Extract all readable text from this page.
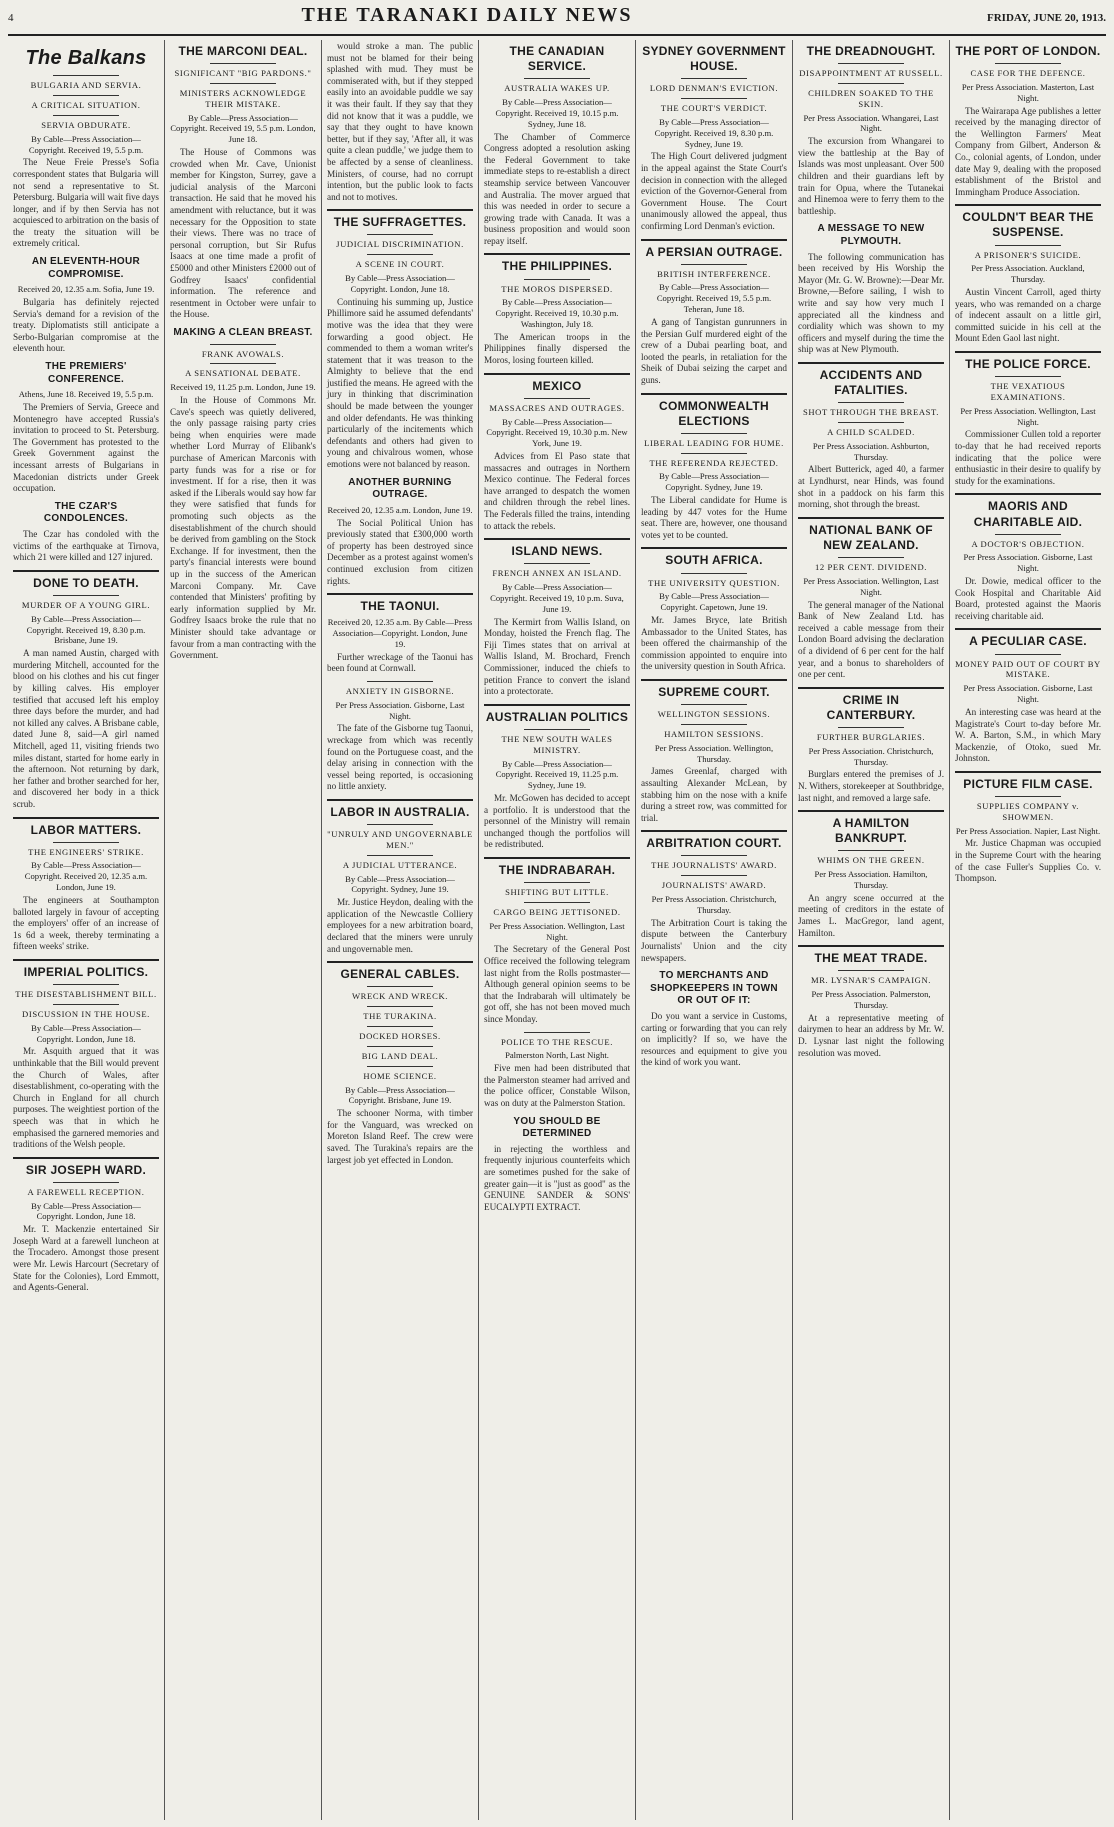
4	THE TARANAKI DAILY NEWS	FRIDAY, JUNE 20, 1913.
The Balkans
BULGARIA AND SERVIA.
A CRITICAL SITUATION.
SERVIA OBDURATE.
By Cable—Press Association—Copyright. Received 19, 5.5 p.m.

The Neue Freie Presse's Sofia correspondent states that Bulgaria will not send a representative to St. Petersburg. Bulgaria will wait five days longer, and if by then Servia has not acquiesced to arbitration on the basis of the treaty the situation will be extremely critical.

AN ELEVENTH-HOUR COMPROMISE.
Received 20, 12.35 a.m. Sofia, June 19.

Bulgaria has definitely rejected Servia's demand for a revision of the treaty. Diplomatists still anticipate a Serbo-Bulgarian compromise at the eleventh hour.

THE PREMIERS' CONFERENCE.
Athens, June 18. Received 19, 5.5 p.m.

The Premiers of Servia, Greece and Montenegro have accepted Russia's invitation to proceed to St. Petersburg. The Government has protested to the Greek Government against the incessant arrests of Bulgarians in Macedonian districts under Greek occupation.

THE CZAR'S CONDOLENCES.

The Czar has condoled with the victims of the earthquake at Tirnova, which 21 were killed and 127 injured.

DONE TO DEATH.
MURDER OF A YOUNG GIRL.
By Cable—Press Association—Copyright. Received 19, 8.30 p.m. Brisbane, June 19.

A man named Austin, charged with murdering Mitchell, accounted for the blood on his clothes and his cut finger by killing calves. His employer testified that accused left his employ three days before the murder, and had not killed any calves. A Brisbane cable, dated June 8, said—A girl named Mitchell, aged 11, visiting friends two miles distant, started for home early in the afternoon. Not returning by dark, her father and brother searched for her, and discovered her body in a thick scrub.

LABOR MATTERS.
THE ENGINEERS' STRIKE.
By Cable—Press Association—Copyright. Received 20, 12.35 a.m. London, June 19.

The engineers at Southampton balloted largely in favour of accepting the employers' offer of an increase of 1s 6d a week, thereby terminating a fifteen weeks' strike.

IMPERIAL POLITICS.
THE DISESTABLISHMENT BILL.
DISCUSSION IN THE HOUSE.
By Cable—Press Association—Copyright. London, June 18.

Mr. Asquith argued that it was unthinkable that the Bill would prevent the Church of Wales, after disestablishment, co-operating with the Church in England for all church purposes. The weightiest portion of the speech was that in which he emphasised the garnered memories and traditions of the Welsh people.

SIR JOSEPH WARD.
A FAREWELL RECEPTION.
By Cable—Press Association—Copyright. London, June 18.

Mr. T. Mackenzie entertained Sir Joseph Ward at a farewell luncheon at the Trocadero. Amongst those present were Mr. Lewis Harcourt (Secretary of State for the Colonies), Lord Emmott, and Agents-General.

THE MARCONI DEAL.
SIGNIFICANT "BIG PARDONS."
MINISTERS ACKNOWLEDGE THEIR MISTAKE.
By Cable—Press Association—Copyright. Received 19, 5.5 p.m. London, June 18.

The House of Commons was crowded when Mr. Cave, Unionist member for Kingston, Surrey, gave a judicial analysis of the Marconi transaction. He said that he moved his amendment with reluctance, but it was necessary for the Opposition to state their views. There was no trace of personal corruption, but Sir Rufus Isaacs at one time made a profit of £5000 and other Ministers £2000 out of Godfrey Isaacs' confidential information. The reference and resentment in October were unfair to the House.

MAKING A CLEAN BREAST.
FRANK AVOWALS.
A SENSATIONAL DEBATE.
Received 19, 11.25 p.m. London, June 19.

In the House of Commons Mr. Cave's speech was quietly delivered, the only passage raising party cries being when enquiries were made whether Lord Murray of Elibank's purchase of American Marconis with party funds was for a rise or for investment. If for a rise, then it was asked if the Liberals would say how far they were satisfied that funds for promoting such objects as the disestablishment of the church should be derived from gambling on the Stock Exchange. If for investment, then the party's financial interests were bound up in the success of the American Marconi Company. Mr. Cave contended that Ministers' profiting by early information supplied by Mr. Godfrey Isaacs broke the rule that no Minister should take advantage or favour from a man contracting with the Government.

would stroke a man. The public must not be blamed for their being splashed with mud. They must be commiserated with, but if they stepped easily into an avoidable puddle we say it was their fault. If they say that they did not know that it was a puddle, we say that they ought to have known better, but if they say, 'After all, it was quite a clean puddle,' we judge them to be affected by a sense of cleanliness. Ministers, of course, had no corrupt intention, but the public look to facts and not to motives.

THE SUFFRAGETTES.
JUDICIAL DISCRIMINATION.
A SCENE IN COURT.
By Cable—Press Association—Copyright. London, June 18.

Continuing his summing up, Justice Phillimore said he assumed defendants' motive was the idea that they were forwarding a good object. He commended to them a woman writer's statement that it was treason to the Almighty to believe that the end justified the means. He agreed with the jury in thinking that discrimination should be made between the younger and older defendants. He was thinking particularly of the incitements which defendants and others had given to young and chivalrous women, whose emotions were not balanced by reason.

ANOTHER BURNING OUTRAGE.
Received 20, 12.35 a.m. London, June 19.

The Social Political Union has previously stated that £300,000 worth of property has been destroyed since December as a protest against women's continued exclusion from citizen rights.

THE TAONUI.
Received 20, 12.35 a.m. By Cable—Press Association—Copyright. London, June 19.

Further wreckage of the Taonui has been found at Cornwall.

ANXIETY IN GISBORNE.
Per Press Association. Gisborne, Last Night.

The fate of the Gisborne tug Taonui, wreckage from which was recently found on the Portuguese coast, and the delay arising in connection with the vessel being reported, is occasioning no little anxiety.

LABOR IN AUSTRALIA.
"UNRULY AND UNGOVERNABLE MEN."
A JUDICIAL UTTERANCE.
By Cable—Press Association—Copyright. Sydney, June 19.

Mr. Justice Heydon, dealing with the application of the Newcastle Colliery employees for a new arbitration board, declared that the miners were unruly and ungovernable men.

GENERAL CABLES.
WRECK AND WRECK.
THE TURAKINA.
DOCKED HORSES.
BIG LAND DEAL.
HOME SCIENCE.
By Cable—Press Association—Copyright. Brisbane, June 19.

The schooner Norma, with timber for the Vanguard, was wrecked on Moreton Island Reef. The crew were saved. The Turakina's repairs are the largest job yet effected in London.

THE CANADIAN SERVICE.
AUSTRALIA WAKES UP.
By Cable—Press Association—Copyright. Received 19, 10.15 p.m. Sydney, June 18.

The Chamber of Commerce Congress adopted a resolution asking the Federal Government to take immediate steps to re-establish a direct steamship service between Vancouver and Australia. The mover argued that this was needed in order to secure a growing trade with Canada. It was a business proposition and would soon repay itself.

THE PHILIPPINES.
THE MOROS DISPERSED.
By Cable—Press Association—Copyright. Received 19, 10.30 p.m. Washington, July 18.

The American troops in the Philippines finally dispersed the Moros, losing fourteen killed.

MEXICO
MASSACRES AND OUTRAGES.
By Cable—Press Association—Copyright. Received 19, 10.30 p.m. New York, June 19.

Advices from El Paso state that massacres and outrages in Northern Mexico continue. The Federal forces have arranged to despatch the women and children through the rebel lines. The Federals filled the trains, intending to attack the rebels.

ISLAND NEWS.
FRENCH ANNEX AN ISLAND.
By Cable—Press Association—Copyright. Received 19, 10 p.m. Suva, June 19.

The Kermirt from Wallis Island, on Monday, hoisted the French flag. The Fiji Times states that on arrival at Wallis Island, M. Brochard, French Commissioner, induced the chiefs to petition France to convert the island into a protectorate.

AUSTRALIAN POLITICS
THE NEW SOUTH WALES MINISTRY.
By Cable—Press Association—Copyright. Received 19, 11.25 p.m. Sydney, June 19.

Mr. McGowen has decided to accept a portfolio. It is understood that the personnel of the Ministry will remain unchanged though the portfolios will be redistributed.

THE INDRABARAH.
SHIFTING BUT LITTLE.
CARGO BEING JETTISONED.
Per Press Association. Wellington, Last Night.

The Secretary of the General Post Office received the following telegram last night from the Rolls postmaster—Although general opinion seems to be that the Indrabarah will ultimately be got off, she has not been moved much since Monday.

POLICE TO THE RESCUE.
Palmerston North, Last Night.

Five men had been distributed that the Palmerston steamer had arrived and the police officer, Constable Wilson, was on duty at the Palmerston Station.

YOU SHOULD BE DETERMINED

in rejecting the worthless and frequently injurious counterfeits which are sometimes pushed for the sake of greater gain—it is "just as good" as the GENUINE SANDER & SONS' EUCALYPTI EXTRACT.

SYDNEY GOVERNMENT HOUSE.
LORD DENMAN'S EVICTION.
THE COURT'S VERDICT.
By Cable—Press Association—Copyright. Received 19, 8.30 p.m. Sydney, June 19.

The High Court delivered judgment in the appeal against the State Court's decision in connection with the alleged eviction of the Governor-General from Government House. The Court unanimously allowed the appeal, thus confirming Lord Denman's eviction.

A PERSIAN OUTRAGE.
BRITISH INTERFERENCE.
By Cable—Press Association—Copyright. Received 19, 5.5 p.m. Teheran, June 18.

A gang of Tangistan gunrunners in the Persian Gulf murdered eight of the crew of a Dubai pearling boat, and looted the pearls, in retaliation for the Sheik of Dubai seizing the carpet and guns.

COMMONWEALTH ELECTIONS
LIBERAL LEADING FOR HUME.
THE REFERENDA REJECTED.
By Cable—Press Association—Copyright. Sydney, June 19.

The Liberal candidate for Hume is leading by 447 votes for the Hume seat. There are, however, one thousand votes yet to be counted.

SOUTH AFRICA.
THE UNIVERSITY QUESTION.
By Cable—Press Association—Copyright. Capetown, June 19.

Mr. James Bryce, late British Ambassador to the United States, has been offered the chairmanship of the commission appointed to enquire into the university question in South Africa.

SUPREME COURT.
WELLINGTON SESSIONS.
HAMILTON SESSIONS.
Per Press Association. Wellington, Thursday.

James Greenlaf, charged with assaulting Alexander McLean, by stabbing him on the nose with a knife during a street row, was committed for trial.

ARBITRATION COURT.
THE JOURNALISTS' AWARD.
JOURNALISTS' AWARD.
Per Press Association. Christchurch, Thursday.

The Arbitration Court is taking the dispute between the Canterbury Journalists' Union and the city newspapers.

TO MERCHANTS AND SHOPKEEPERS IN TOWN OR OUT OF IT:

Do you want a service in Customs, carting or forwarding that you can rely on implicitly? If so, we have the resources and equipment to give you the kind of work you want.

THE DREADNOUGHT.
DISAPPOINTMENT AT RUSSELL.
CHILDREN SOAKED TO THE SKIN.
Per Press Association. Whangarei, Last Night.

The excursion from Whangarei to view the battleship at the Bay of Islands was most unpleasant. Over 500 children and their guardians left by train for Opua, where the Tutanekai and Hinemoa were to ferry them to the battleship.

A MESSAGE TO NEW PLYMOUTH.

The following communication has been received by His Worship the Mayor (Mr. G. W. Browne):—Dear Mr. Browne,—Before sailing, I wish to write and say how very much I appreciated all the kindness and cordiality which was shown to my officers and myself during the time the ship was at New Plymouth.

ACCIDENTS AND FATALITIES.
SHOT THROUGH THE BREAST.
A CHILD SCALDED.
Per Press Association. Ashburton, Thursday.

Albert Butterick, aged 40, a farmer at Lyndhurst, near Hinds, was found shot in a paddock on his farm this morning, shot through the breast.

NATIONAL BANK OF NEW ZEALAND.
12 PER CENT. DIVIDEND.
Per Press Association. Wellington, Last Night.

The general manager of the National Bank of New Zealand Ltd. has received a cable message from their London Board advising the declaration of a dividend of 6 per cent for the half year, and a bonus to shareholders of one per cent.

CRIME IN CANTERBURY.
FURTHER BURGLARIES.
Per Press Association. Christchurch, Thursday.

Burglars entered the premises of J. N. Withers, storekeeper at Southbridge, last night, and removed a large safe.

A HAMILTON BANKRUPT.
WHIMS ON THE GREEN.
Per Press Association. Hamilton, Thursday.

An angry scene occurred at the meeting of creditors in the estate of James L. MacGregor, land agent, Hamilton.

THE MEAT TRADE.
MR. LYSNAR'S CAMPAIGN.
Per Press Association. Palmerston, Thursday.

At a representative meeting of dairymen to hear an address by Mr. W. D. Lysnar last night the following resolution was moved.

THE PORT OF LONDON.
CASE FOR THE DEFENCE.
Per Press Association. Masterton, Last Night.

The Wairarapa Age publishes a letter received by the managing director of the Wellington Farmers' Meat Company from Gilbert, Anderson & Co., colonial agents, of London, under date May 9, dealing with the proposed establishment of the Bristol and Immingham Produce Association.

COULDN'T BEAR THE SUSPENSE.
A PRISONER'S SUICIDE.
Per Press Association. Auckland, Thursday.

Austin Vincent Carroll, aged thirty years, who was remanded on a charge of indecent assault on a little girl, committed suicide in his cell at the Mount Eden Gaol last night.

THE POLICE FORCE.
THE VEXATIOUS EXAMINATIONS.
Per Press Association. Wellington, Last Night.

Commissioner Cullen told a reporter to-day that he had received reports indicating that the police were enthusiastic in their desire to qualify by study for the examinations.

MAORIS AND CHARITABLE AID.
A DOCTOR'S OBJECTION.
Per Press Association. Gisborne, Last Night.

Dr. Dowie, medical officer to the Cook Hospital and Charitable Aid Board, protested against the Maoris receiving charitable aid.

A PECULIAR CASE.
MONEY PAID OUT OF COURT BY MISTAKE.
Per Press Association. Gisborne, Last Night.

An interesting case was heard at the Magistrate's Court to-day before Mr. W. A. Barton, S.M., in which Mary Mackenzie, of Otoko, sued Mr. Johnston.

PICTURE FILM CASE.
SUPPLIES COMPANY v. SHOWMEN.
Per Press Association. Napier, Last Night.

Mr. Justice Chapman was occupied in the Supreme Court with the hearing of the case Fuller's Supplies Co. v. Thompson.
